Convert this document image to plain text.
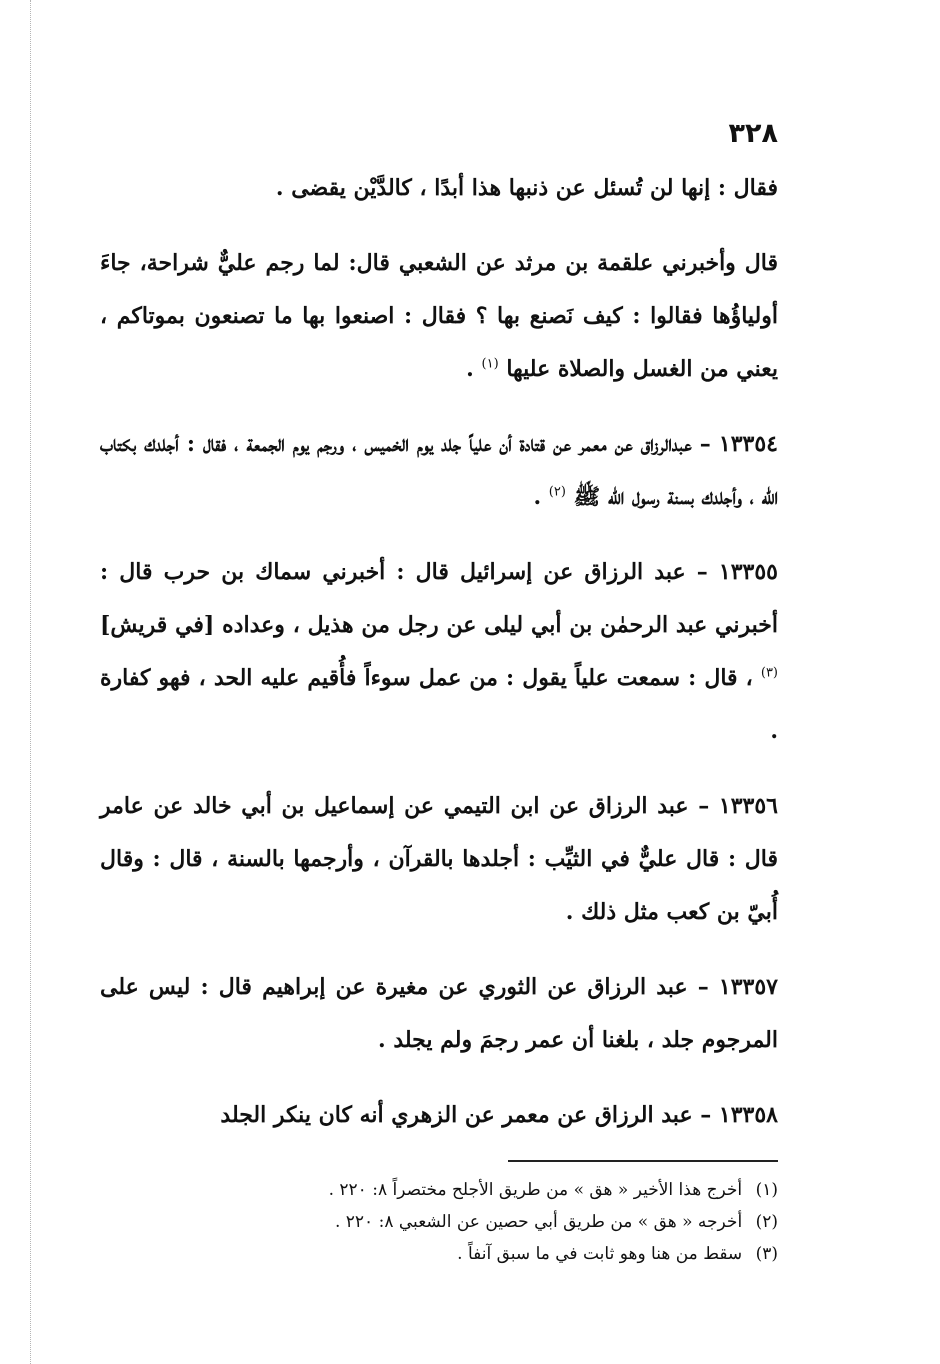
٣٢٨

فقال : إنها لن تُسئل عن ذنبها هذا أبدًا ، كالدَّيْن يقضى .

قال وأخبرني علقمة بن مرثد عن الشعبي قال: لما رجم عليٌّ شراحة، جاءَ أولياؤُها فقالوا : كيف نَصنع بها ؟ فقال : اصنعوا بها ما تصنعون بموتاكم ، يعني من الغسل والصلاة عليها $^{(١)}$ .

١٣٣٥٤ – عبدالرزاق عن معمر عن قتادة أن علياً جلد يوم الخميس ، ورجم يوم الجمعة ، فقال : أجلدك بكتاب الله ، وأجلدك بسنة رسول الله ﷺ $^{(٢)}$ .

١٣٣٥٥ – عبد الرزاق عن إسرائيل قال : أخبرني سماك بن حرب قال : أخبرني عبد الرحمٰن بن أبي ليلى عن رجل من هذيل ، وعداده [في قريش] $^{(٣)}$ ، قال : سمعت علياً يقول : من عمل سوءاً فأُقيم عليه الحد ، فهو كفارة .

١٣٣٥٦ – عبد الرزاق عن ابن التيمي عن إسماعيل بن أبي خالد عن عامر قال : قال عليٌّ في الثيِّب : أجلدها بالقرآن ، وأرجمها بالسنة ، قال : وقال أُبيّ بن كعب مثل ذلك .

١٣٣٥٧ – عبد الرزاق عن الثوري عن مغيرة عن إبراهيم قال : ليس على المرجوم جلد ، بلغنا أن عمر رجمَ ولم يجلد .

١٣٣٥٨ – عبد الرزاق عن معمر عن الزهري أنه كان ينكر الجلد

(١) أخرج هذا الأخير « هق » من طريق الأجلح مختصراً ٨: ٢٢٠ .
(٢) أخرجه « هق » من طريق أبي حصين عن الشعبي ٨: ٢٢٠ .
(٣) سقط من هنا وهو ثابت في ما سبق آنفاً .
